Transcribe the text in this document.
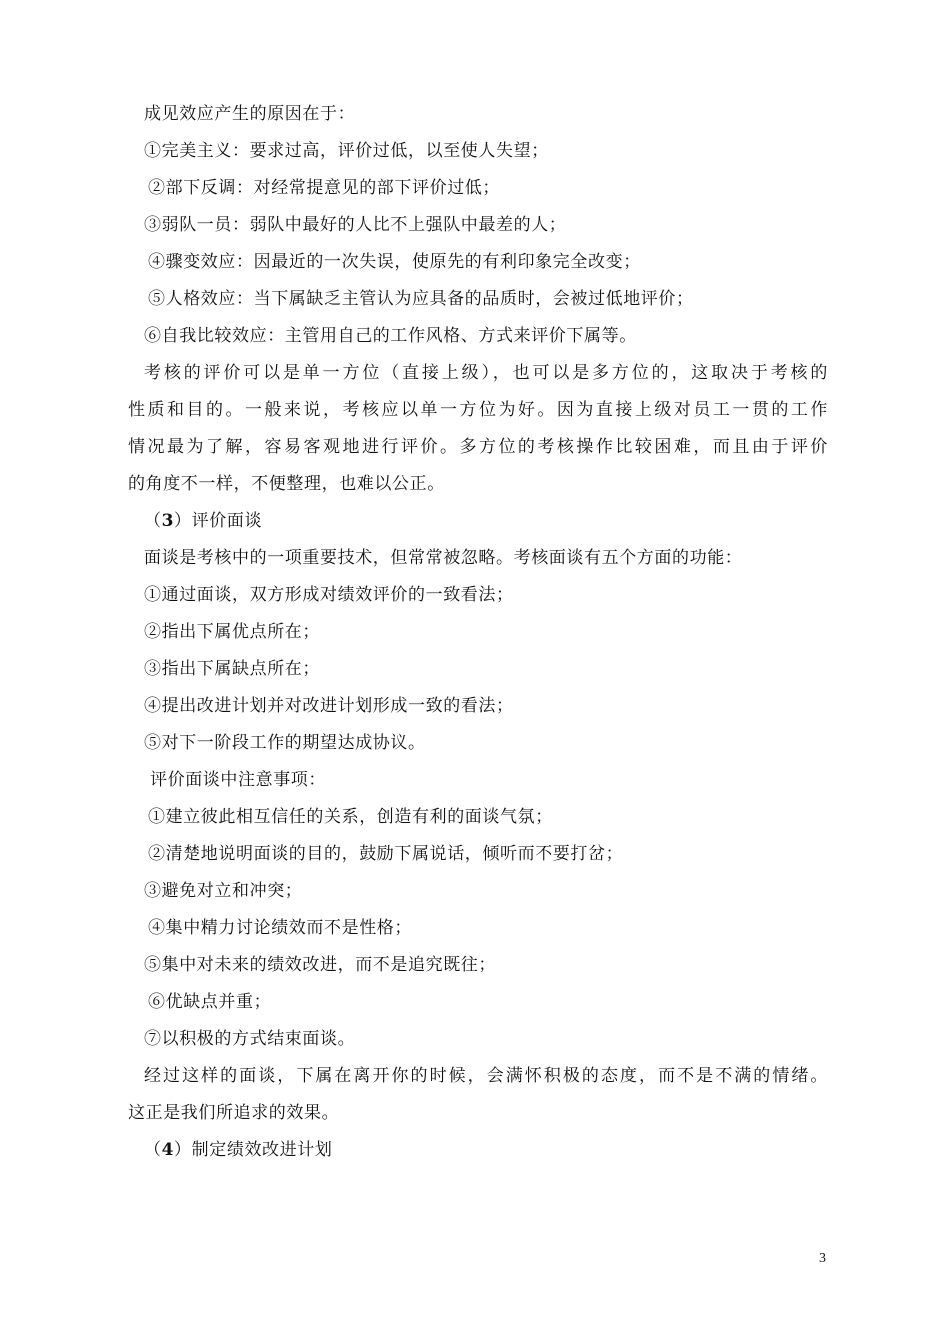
成见效应产生的原因在于：
①完美主义：要求过高，评价过低，以至使人失望；
②部下反调：对经常提意见的部下评价过低；
③弱队一员：弱队中最好的人比不上强队中最差的人；
④骤变效应：因最近的一次失误，使原先的有利印象完全改变；
⑤人格效应：当下属缺乏主管认为应具备的品质时，会被过低地评价；
⑥自我比较效应：主管用自己的工作风格、方式来评价下属等。
考核的评价可以是单一方位（直接上级），也可以是多方位的，这取决于考核的
性质和目的。一般来说，考核应以单一方位为好。因为直接上级对员工一贯的工作
情况最为了解，容易客观地进行评价。多方位的考核操作比较困难，而且由于评价
的角度不一样，不便整理，也难以公正。
（3）评价面谈
面谈是考核中的一项重要技术，但常常被忽略。考核面谈有五个方面的功能：
①通过面谈，双方形成对绩效评价的一致看法；
②指出下属优点所在；
③指出下属缺点所在；
④提出改进计划并对改进计划形成一致的看法；
⑤对下一阶段工作的期望达成协议。
评价面谈中注意事项：
①建立彼此相互信任的关系，创造有利的面谈气氛；
②清楚地说明面谈的目的，鼓励下属说话，倾听而不要打岔；
③避免对立和冲突；
④集中精力讨论绩效而不是性格；
⑤集中对未来的绩效改进，而不是追究既往；
⑥优缺点并重；
⑦以积极的方式结束面谈。
经过这样的面谈，下属在离开你的时候，会满怀积极的态度，而不是不满的情绪。
这正是我们所追求的效果。
（4）制定绩效改进计划
3
